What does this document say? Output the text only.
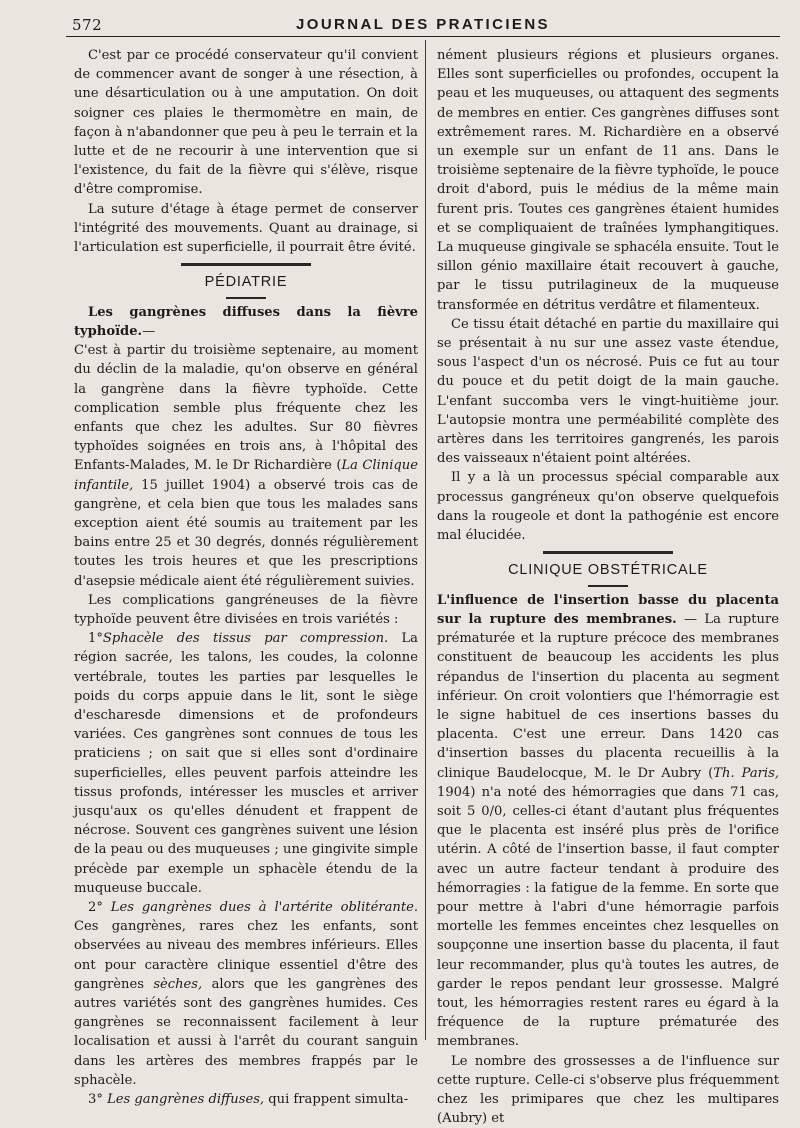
572	JOURNAL DES PRATICIENS

C'est par ce procédé conservateur qu'il convient de commencer avant de songer à une résection, à une désarticulation ou à une amputation. On doit soigner ces plaies le thermomètre en main, de façon à n'abandonner que peu à peu le terrain et la lutte et de ne recourir à une intervention que si l'existence, du fait de la fièvre qui s'élève, risque d'être compromise.

La suture d'étage à étage permet de conserver l'intégrité des mouvements. Quant au drainage, si l'articulation est superficielle, il pourrait être évité.

PÉDIATRIE

Les gangrènes diffuses dans la fièvre typhoïde.—

C'est à partir du troisième septenaire, au moment du déclin de la maladie, qu'on observe en général la gangrène dans la fièvre typhoïde. Cette complication semble plus fréquente chez les enfants que chez les adultes. Sur 80 fièvres typhoïdes soignées en trois ans, à l'hôpital des Enfants-Malades, M. le Dr Richardière (La Clinique infantile, 15 juillet 1904) a observé trois cas de gangrène, et cela bien que tous les malades sans exception aient été soumis au traitement par les bains entre 25 et 30 degrés, donnés régulièrement toutes les trois heures et que les prescriptions d'asepsie médicale aient été régulièrement suivies.

Les complications gangréneuses de la fièvre typhoïde peuvent être divisées en trois variétés :

1°Sphacèle des tissus par compression. La région sacrée, les talons, les coudes, la colonne vertébrale, toutes les parties par lesquelles le poids du corps appuie dans le lit, sont le siège d'escharesde dimensions et de profondeurs variées. Ces gangrènes sont connues de tous les praticiens ; on sait que si elles sont d'ordinaire superficielles, elles peuvent parfois atteindre les tissus profonds, intéresser les muscles et arriver jusqu'aux os qu'elles dénudent et frappent de nécrose. Souvent ces gangrènes suivent une lésion de la peau ou des muqueuses ; une gingivite simple précède par exemple un sphacèle étendu de la muqueuse buccale.

2° Les gangrènes dues à l'artérite oblitérante. Ces gangrènes, rares chez les enfants, sont observées au niveau des membres inférieurs. Elles ont pour caractère clinique essentiel d'être des gangrènes sèches, alors que les gangrènes des autres variétés sont des gangrènes humides. Ces gangrènes se reconnaissent facilement à leur localisation et aussi à l'arrêt du courant sanguin dans les artères des membres frappés par le sphacèle.

3° Les gangrènes diffuses, qui frappent simulta-

nément plusieurs régions et plusieurs organes. Elles sont superficielles ou profondes, occupent la peau et les muqueuses, ou attaquent des segments de membres en entier. Ces gangrènes diffuses sont extrêmement rares. M. Richardière en a observé un exemple sur un enfant de 11 ans. Dans le troisième septenaire de la fièvre typhoïde, le pouce droit d'abord, puis le médius de la même main furent pris. Toutes ces gangrènes étaient humides et se compliquaient de traînées lymphangitiques. La muqueuse gingivale se sphacéla ensuite. Tout le sillon génio maxillaire était recouvert à gauche, par le tissu putrilagineux de la muqueuse transformée en détritus verdâtre et filamenteux.

Ce tissu était détaché en partie du maxillaire qui se présentait à nu sur une assez vaste étendue, sous l'aspect d'un os nécrosé. Puis ce fut au tour du pouce et du petit doigt de la main gauche. L'enfant succomba vers le vingt-huitième jour. L'autopsie montra une perméabilité complète des artères dans les territoires gangrenés, les parois des vaisseaux n'étaient point altérées.

Il y a là un processus spécial comparable aux processus gangréneux qu'on observe quelquefois dans la rougeole et dont la pathogénie est encore mal élucidée.

CLINIQUE OBSTÉTRICALE

L'influence de l'insertion basse du placenta sur la rupture des membranes. — La rupture prématurée et la rupture précoce des membranes constituent de beaucoup les accidents les plus répandus de l'insertion du placenta au segment inférieur. On croit volontiers que l'hémorragie est le signe habituel de ces insertions basses du placenta. C'est une erreur. Dans 1420 cas d'insertion basses du placenta recueillis à la clinique Baudelocque, M. le Dr Aubry (Th. Paris, 1904) n'a noté des hémorragies que dans 71 cas, soit 5 0/0, celles-ci étant d'autant plus fréquentes que le placenta est inséré plus près de l'orifice utérin. A côté de l'insertion basse, il faut compter avec un autre facteur tendant à produire des hémorragies : la fatigue de la femme. En sorte que pour mettre à l'abri d'une hémorragie parfois mortelle les femmes enceintes chez lesquelles on soupçonne une insertion basse du placenta, il faut leur recommander, plus qu'à toutes les autres, de garder le repos pendant leur grossesse. Malgré tout, les hémorragies restent rares eu égard à la fréquence de la rupture prématurée des membranes.

Le nombre des grossesses a de l'influence sur cette rupture. Celle-ci s'observe plus fréquemment chez les primipares que chez les multipares (Aubry) et
